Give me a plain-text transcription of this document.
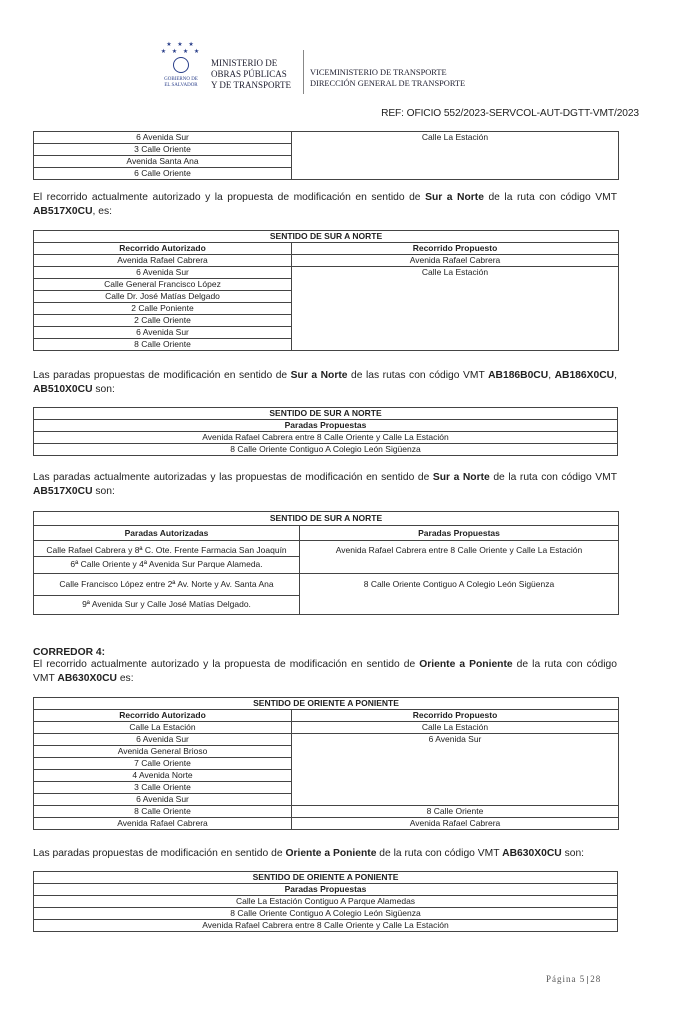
★ ★ ★
★ ★ ★ ★
GOBIERNO DE
EL SALVADOR
MINISTERIO DE
OBRAS PÚBLICAS
Y DE TRANSPORTE
VICEMINISTERIO DE TRANSPORTE
DIRECCIÓN GENERAL DE TRANSPORTE
REF: OFICIO 552/2023-SERVCOL-AUT-DGTT-VMT/2023
6 Avenida Sur	Calle La Estación
3 Calle Oriente
Avenida Santa Ana
6 Calle Oriente

El recorrido actualmente autorizado y la propuesta de modificación en sentido de Sur a Norte de la ruta con código VMT AB517X0CU, es:

SENTIDO DE SUR A NORTE	
Recorrido Autorizado	Recorrido Propuesto
Avenida Rafael Cabrera	Avenida Rafael Cabrera
6 Avenida Sur	Calle La Estación
Calle General Francisco López	
Calle Dr. José Matías Delgado	
2 Calle Poniente	
2 Calle Oriente	
6 Avenida Sur	
8 Calle Oriente	

Las paradas propuestas de modificación en sentido de Sur a Norte de las rutas con código VMT AB186B0CU, AB186X0CU, AB510X0CU son:

SENTIDO DE SUR A NORTE
Paradas Propuestas
Avenida Rafael Cabrera entre 8 Calle Oriente y Calle La Estación
8 Calle Oriente Contiguo A Colegio León Sigüenza

Las paradas actualmente autorizadas y las propuestas de modificación en sentido de Sur a Norte de la ruta con código VMT AB517X0CU son:

SENTIDO DE SUR A NORTE	
Paradas Autorizadas	Paradas Propuestas
Calle Rafael Cabrera y 8ª C. Ote. Frente Farmacia San Joaquín	Avenida Rafael Cabrera entre 8 Calle Oriente y Calle La Estación
6ª Calle Oriente y 4ª Avenida Sur Parque Alameda.	
Calle Francisco López entre 2ª Av. Norte y Av. Santa Ana	8 Calle Oriente Contiguo A Colegio León Sigüenza
9ª Avenida Sur y Calle José Matías Delgado.	
CORREDOR 4:

El recorrido actualmente autorizado y la propuesta de modificación en sentido de Oriente a Poniente de la ruta con código VMT AB630X0CU es:

SENTIDO DE ORIENTE A PONIENTE	
Recorrido Autorizado	Recorrido Propuesto
Calle La Estación	Calle La Estación
6 Avenida Sur	6 Avenida Sur
Avenida General Brioso	
7 Calle Oriente	
4 Avenida Norte	
3 Calle Oriente	
6 Avenida Sur	
8 Calle Oriente	8 Calle Oriente
Avenida Rafael Cabrera	Avenida Rafael Cabrera

Las paradas propuestas de modificación en sentido de Oriente a Poniente de la ruta con código VMT AB630X0CU son:

SENTIDO DE ORIENTE A PONIENTE
Paradas Propuestas
Calle La Estación Contiguo A Parque Alamedas
8 Calle Oriente Contiguo A Colegio León Sigüenza
Avenida Rafael Cabrera entre 8 Calle Oriente y Calle La Estación
Página 5 28
